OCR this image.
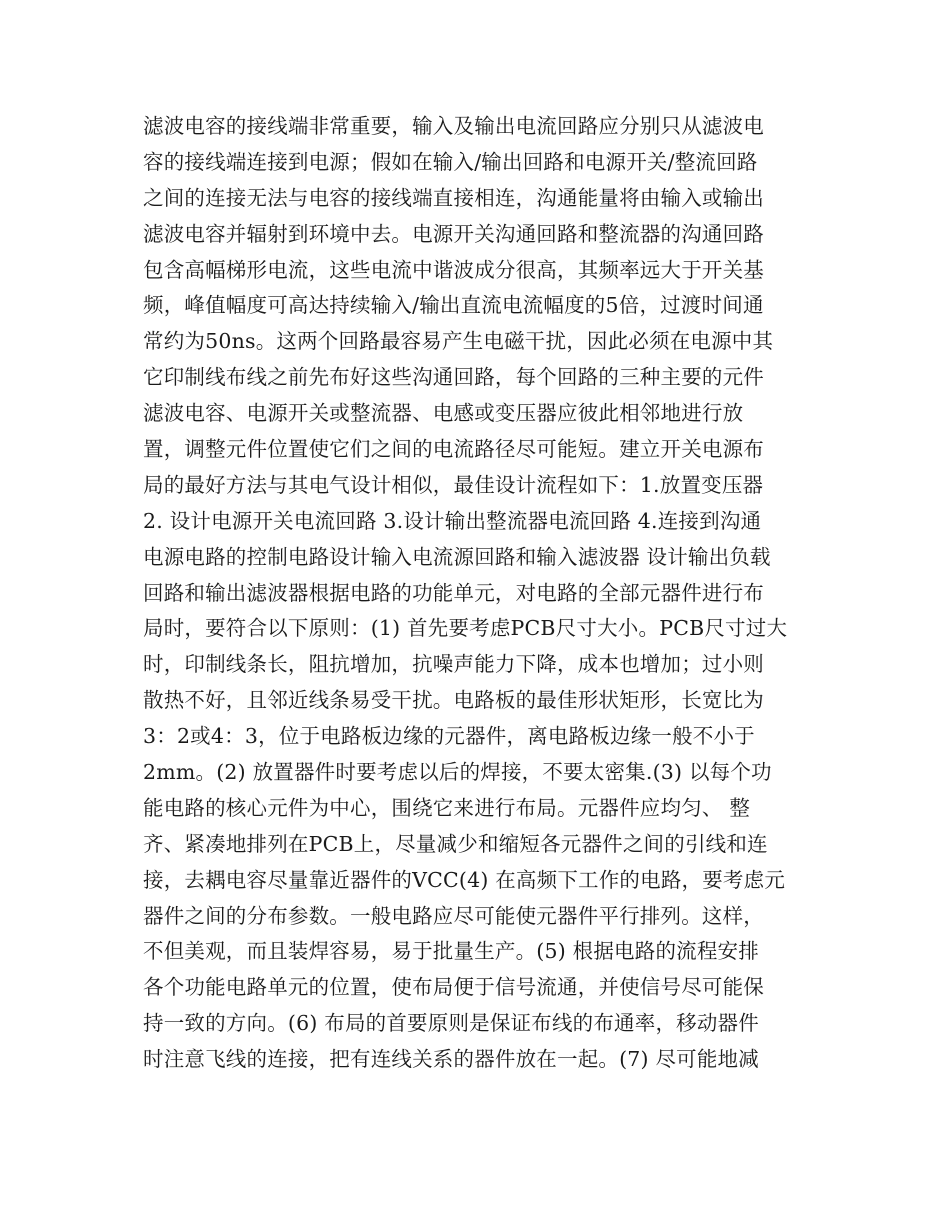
滤波电容的接线端非常重要，输入及输出电流回路应分别只从滤波电
容的接线端连接到电源；假如在输入/输出回路和电源开关/整流回路
之间的连接无法与电容的接线端直接相连，沟通能量将由输入或输出
滤波电容并辐射到环境中去。电源开关沟通回路和整流器的沟通回路
包含高幅梯形电流，这些电流中谐波成分很高，其频率远大于开关基
频，峰值幅度可高达持续输入/输出直流电流幅度的5倍，过渡时间通
常约为50ns。这两个回路最容易产生电磁干扰，因此必须在电源中其
它印制线布线之前先布好这些沟通回路，每个回路的三种主要的元件
滤波电容、电源开关或整流器、电感或变压器应彼此相邻地进行放
置，调整元件位置使它们之间的电流路径尽可能短。建立开关电源布
局的最好方法与其电气设计相似，最佳设计流程如下：1.放置变压器
2. 设计电源开关电流回路 3.设计输出整流器电流回路 4.连接到沟通
电源电路的控制电路设计输入电流源回路和输入滤波器 设计输出负载
回路和输出滤波器根据电路的功能单元，对电路的全部元器件进行布
局时，要符合以下原则：(1) 首先要考虑PCB尺寸大小。PCB尺寸过大
时，印制线条长，阻抗增加，抗噪声能力下降，成本也增加；过小则
散热不好，且邻近线条易受干扰。电路板的最佳形状矩形，长宽比为
3：2或4：3，位于电路板边缘的元器件，离电路板边缘一般不小于
2mm。(2) 放置器件时要考虑以后的焊接，不要太密集.(3) 以每个功
能电路的核心元件为中心，围绕它来进行布局。元器件应均匀、 整
齐、紧凑地排列在PCB上，尽量减少和缩短各元器件之间的引线和连
接，去耦电容尽量靠近器件的VCC(4) 在高频下工作的电路，要考虑元
器件之间的分布参数。一般电路应尽可能使元器件平行排列。这样，
不但美观，而且装焊容易，易于批量生产。(5) 根据电路的流程安排
各个功能电路单元的位置，使布局便于信号流通，并使信号尽可能保
持一致的方向。(6) 布局的首要原则是保证布线的布通率，移动器件
时注意飞线的连接，把有连线关系的器件放在一起。(7) 尽可能地减
